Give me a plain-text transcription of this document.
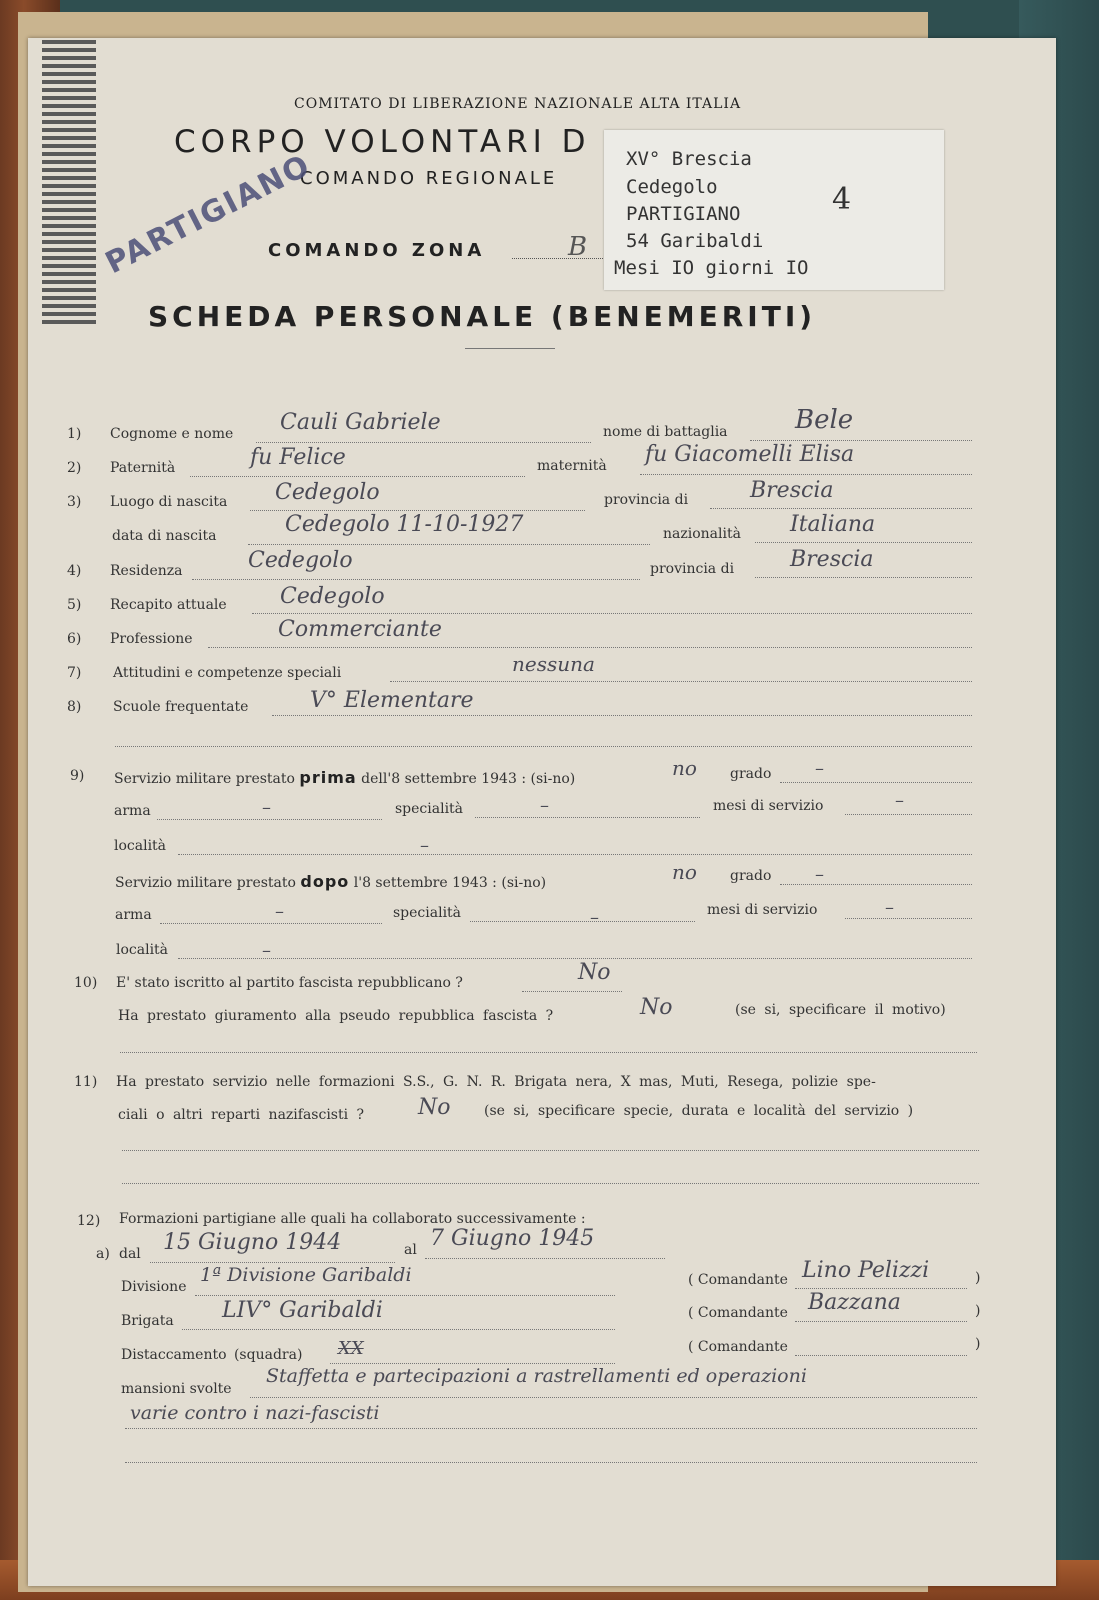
COMITATO DI LIBERAZIONE NAZIONALE ALTA ITALIA
CORPO VOLONTARI D
COMANDO REGIONALE
COMANDO ZONA	B
SCHEDA PERSONALE (BENEMERITI)
PARTIGIANO	XV° Brescia
Cedegolo
PARTIGIANO
54 Garibaldi
Mesi IO giorni IO
4
1) Cognome e nome Cauli Gabriele	nome di battaglia	Bele
2) Paternità	fu Felice	maternità fu Giacomelli Elisa
3) Luogo di nascita Cedegolo	provincia di	Brescia
data di nascita	Cedegolo 11-10-1927	nazionalità Italiana
4) Residenza	Cedegolo	provincia di	Brescia
5) Recapito attuale Cedegolo
6) Professione	Commerciante
7) Attitudini e competenze speciali	nessuna
8) Scuole frequentate	V° Elementare
9) Servizio militare prestato prima dell'8 settembre 1943 : (si-no)	no grado –
arma	–	specialità	–	mesi di servizio	–
località	–
Servizio militare prestato dopo l'8 settembre 1943 : (si-no)	no grado –
arma	–	specialità	–	mesi di servizio	–
località	–
10) E' stato iscritto al partito fascista repubblicano ?	No
Ha prestato giuramento alla pseudo repubblica fascista ?	No	(se si, specificare il motivo)
11) Ha prestato servizio nelle formazioni S.S., G. N. R. Brigata nera, X mas, Muti, Resega, polizie spe-
ciali o altri reparti nazifascisti ? No (se si, specificare specie, durata e località del servizio )
12) Formazioni partigiane alle quali ha collaborato successivamente :
a) dal 15 Giugno 1944	al 7 Giugno 1945
Divisione
1ª Divisione Garibaldi	( Comandante Lino Pelizzi	)
Brigata LIV° Garibaldi	( Comandante Bazzana	)
Distaccamento (squadra) XX	( Comandante	)
mansioni svolte
Staffetta e partecipazioni a rastrellamenti ed operazioni
varie contro i nazi-fascisti
